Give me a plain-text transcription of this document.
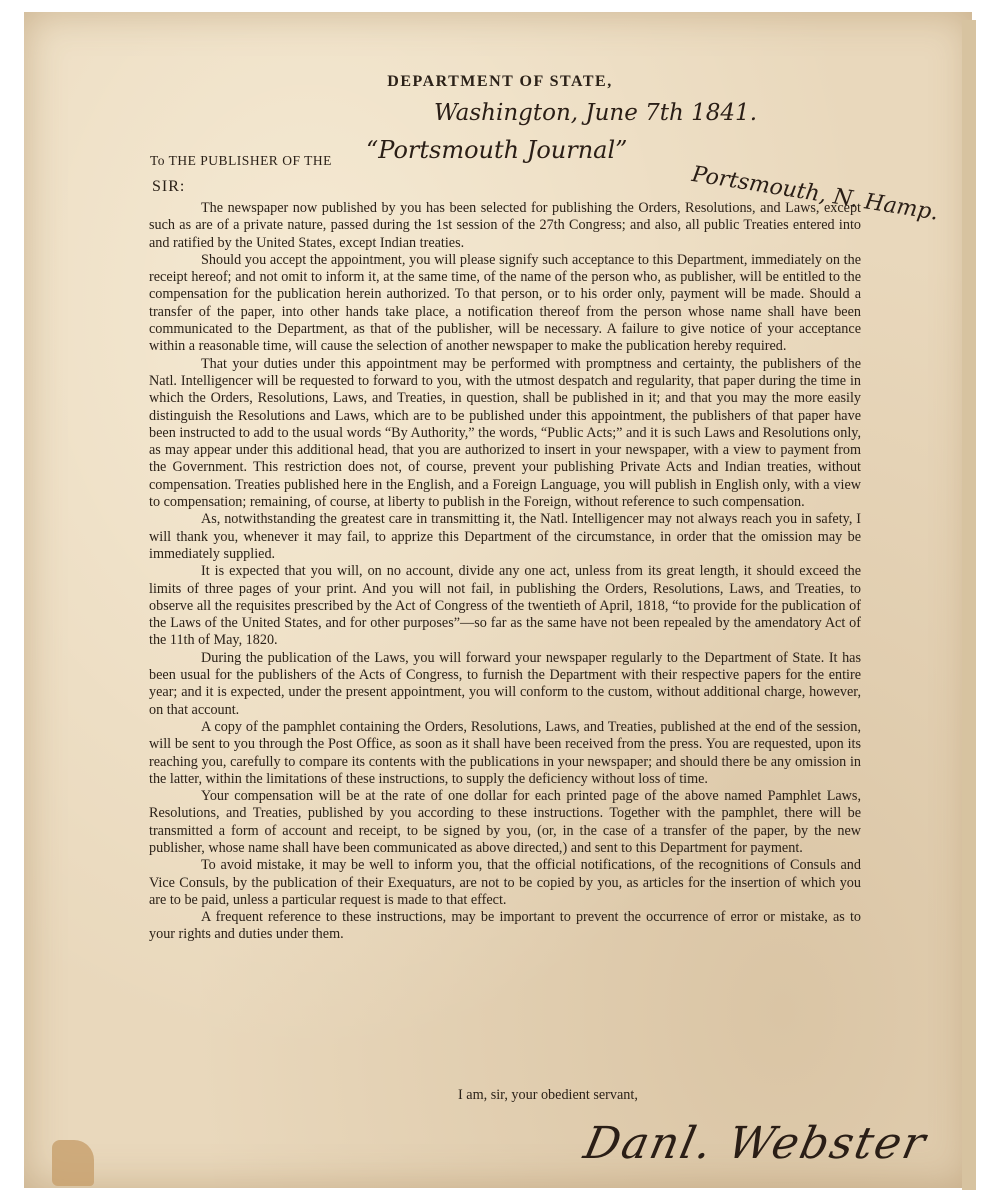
DEPARTMENT OF STATE,
Washington, June 7th 1841.
To THE PUBLISHER OF THE “Portsmouth Journal”
SIR:	Portsmouth, N. Hamp.

The newspaper now published by you has been selected for publishing the Orders, Resolutions, and Laws, except such as are of a private nature, passed during the 1st session of the 27th Congress; and also, all public Treaties entered into and ratified by the United States, except Indian treaties.

Should you accept the appointment, you will please signify such acceptance to this Department, immediately on the receipt hereof; and not omit to inform it, at the same time, of the name of the person who, as publisher, will be entitled to the compensation for the publication herein authorized. To that person, or to his order only, payment will be made. Should a transfer of the paper, into other hands take place, a notification thereof from the person whose name shall have been communicated to the Department, as that of the publisher, will be necessary. A failure to give notice of your acceptance within a reasonable time, will cause the selection of another newspaper to make the publication hereby required.

That your duties under this appointment may be performed with promptness and certainty, the publishers of the Natl. Intelligencer will be requested to forward to you, with the utmost despatch and regularity, that paper during the time in which the Orders, Resolutions, Laws, and Treaties, in question, shall be published in it; and that you may the more easily distinguish the Resolutions and Laws, which are to be published under this appointment, the publishers of that paper have been instructed to add to the usual words “By Authority,” the words, “Public Acts;” and it is such Laws and Resolutions only, as may appear under this additional head, that you are authorized to insert in your newspaper, with a view to payment from the Government. This restriction does not, of course, prevent your publishing Private Acts and Indian treaties, without compensation. Treaties published here in the English, and a Foreign Language, you will publish in English only, with a view to compensation; remaining, of course, at liberty to publish in the Foreign, without reference to such compensation.

As, notwithstanding the greatest care in transmitting it, the Natl. Intelligencer may not always reach you in safety, I will thank you, whenever it may fail, to apprize this Department of the circumstance, in order that the omission may be immediately supplied.

It is expected that you will, on no account, divide any one act, unless from its great length, it should exceed the limits of three pages of your print. And you will not fail, in publishing the Orders, Resolutions, Laws, and Treaties, to observe all the requisites prescribed by the Act of Congress of the twentieth of April, 1818, “to provide for the publication of the Laws of the United States, and for other purposes”—so far as the same have not been repealed by the amendatory Act of the 11th of May, 1820.

During the publication of the Laws, you will forward your newspaper regularly to the Department of State. It has been usual for the publishers of the Acts of Congress, to furnish the Department with their respective papers for the entire year; and it is expected, under the present appointment, you will conform to the custom, without additional charge, however, on that account.

A copy of the pamphlet containing the Orders, Resolutions, Laws, and Treaties, published at the end of the session, will be sent to you through the Post Office, as soon as it shall have been received from the press. You are requested, upon its reaching you, carefully to compare its contents with the publications in your newspaper; and should there be any omission in the latter, within the limitations of these instructions, to supply the deficiency without loss of time.

Your compensation will be at the rate of one dollar for each printed page of the above named Pamphlet Laws, Resolutions, and Treaties, published by you according to these instructions. Together with the pamphlet, there will be transmitted a form of account and receipt, to be signed by you, (or, in the case of a transfer of the paper, by the new publisher, whose name shall have been communicated as above directed,) and sent to this Department for payment.

To avoid mistake, it may be well to inform you, that the official notifications, of the recognitions of Consuls and Vice Consuls, by the publication of their Exequaturs, are not to be copied by you, as articles for the insertion of which you are to be paid, unless a particular request is made to that effect.

A frequent reference to these instructions, may be important to prevent the occurrence of error or mistake, as to your rights and duties under them.

I am, sir, your obedient servant,
Danl. Webster
